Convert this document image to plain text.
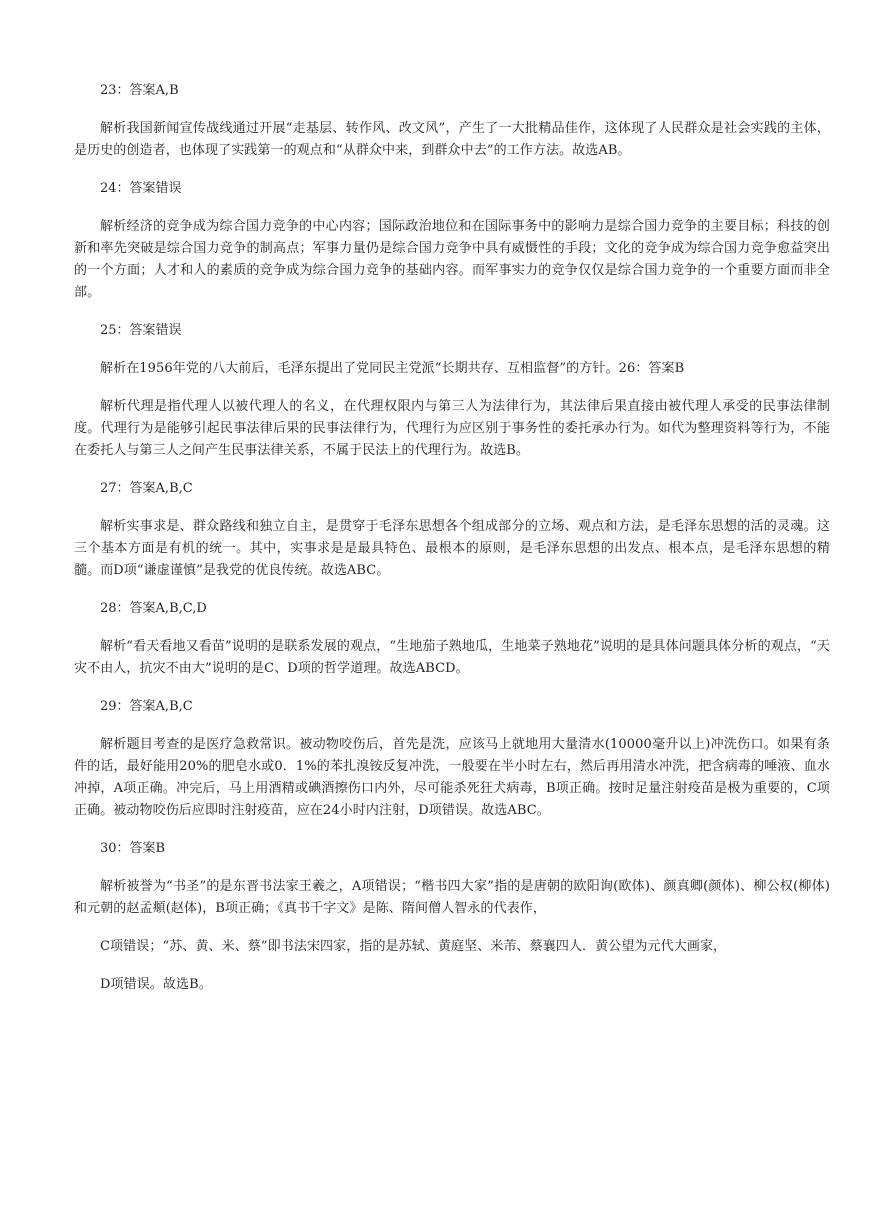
23：答案A,B

解析我国新闻宣传战线通过开展“走基层、转作风、改文风”，产生了一大批精品佳作，这体现了人民群众是社会实践的主体，是历史的创造者，也体现了实践第一的观点和“从群众中来，到群众中去”的工作方法。故选AB。

24：答案错误

解析经济的竞争成为综合国力竞争的中心内容；国际政治地位和在国际事务中的影响力是综合国力竞争的主要目标；科技的创新和率先突破是综合国力竞争的制高点；军事力量仍是综合国力竞争中具有威慑性的手段；文化的竞争成为综合国力竞争愈益突出的一个方面；人才和人的素质的竞争成为综合国力竞争的基础内容。而军事实力的竞争仅仅是综合国力竞争的一个重要方面而非全部。

25：答案错误

解析在1956年党的八大前后，毛泽东提出了党同民主党派“长期共存、互相监督”的方针。26：答案B

解析代理是指代理人以被代理人的名义，在代理权限内与第三人为法律行为，其法律后果直接由被代理人承受的民事法律制度。代理行为是能够引起民事法律后果的民事法律行为，代理行为应区别于事务性的委托承办行为。如代为整理资料等行为，不能在委托人与第三人之间产生民事法律关系，不属于民法上的代理行为。故选B。

27：答案A,B,C

解析实事求是、群众路线和独立自主，是贯穿于毛泽东思想各个组成部分的立场、观点和方法，是毛泽东思想的活的灵魂。这三个基本方面是有机的统一。其中，实事求是是最具特色、最根本的原则，是毛泽东思想的出发点、根本点，是毛泽东思想的精髓。而D项“谦虚谨慎”是我党的优良传统。故选ABC。

28：答案A,B,C,D

解析“看天看地又看苗”说明的是联系发展的观点，“生地茄子熟地瓜，生地菜子熟地花”说明的是具体问题具体分析的观点，“天灾不由人，抗灾不由大”说明的是C、D项的哲学道理。故选ABCD。

29：答案A,B,C

解析题目考查的是医疗急救常识。被动物咬伤后，首先是洗，应该马上就地用大量清水(10000毫升以上)冲洗伤口。如果有条件的话，最好能用20%的肥皂水或0．1%的苯扎溴铵反复冲洗，一般要在半小时左右，然后再用清水冲洗，把含病毒的唾液、血水冲掉，A项正确。冲完后，马上用酒精或碘酒擦伤口内外，尽可能杀死狂犬病毒，B项正确。按时足量注射疫苗是极为重要的，C项正确。被动物咬伤后应即时注射疫苗，应在24小时内注射，D项错误。故选ABC。

30：答案B

解析被誉为“书圣”的是东晋书法家王羲之，A项错误；“楷书四大家”指的是唐朝的欧阳询(欧体)、颜真卿(颜体)、柳公权(柳体)和元朝的赵孟頫(赵体)，B项正确；《真书千字文》是陈、隋间僧人智永的代表作，

C项错误；“苏、黄、米、蔡”即书法宋四家，指的是苏轼、黄庭坚、米芾、蔡襄四人．黄公望为元代大画家，

D项错误。故选B。
